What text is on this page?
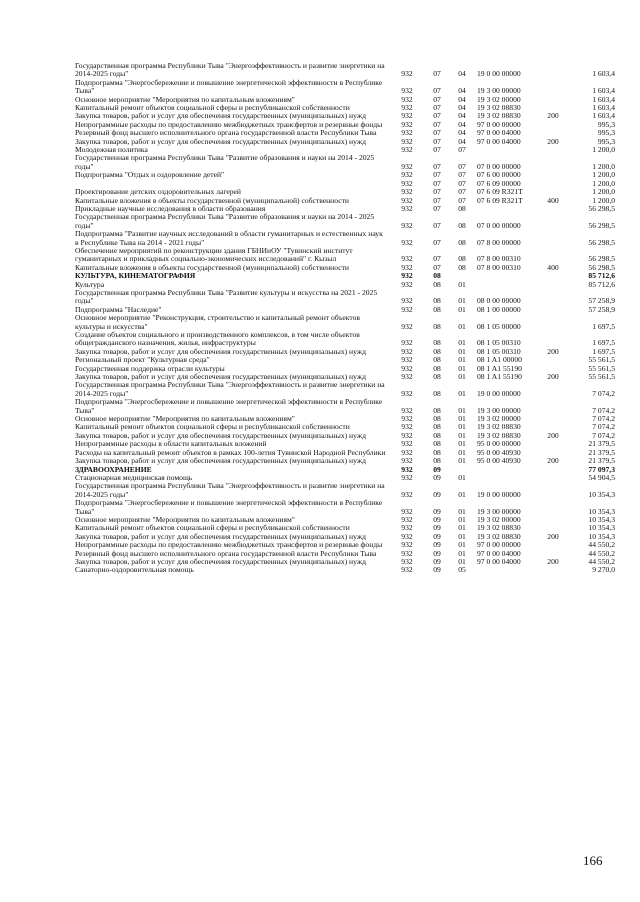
Государственная программа Республики Тыва "Энергоэффективность и развитие энергетики на 2014-2025 годы"	932	07	04	19 0 00 00000		1 603,4
Подпрограмма "Энергосбережение и повышение энергетической эффективности в Республике Тыва"	932	07	04	19 3 00 00000		1 603,4
Основное мероприятие "Мероприятия по капитальным вложениям"	932	07	04	19 3 02 00000		1 603,4
Капитальный ремонт объектов социальной сферы и республиканской собственности	932	07	04	19 3 02 08830		1 603,4
Закупка товаров, работ и услуг для обеспечения государственных (муниципальных) нужд	932	07	04	19 3 02 08830	200	1 603,4
Непрограммные расходы по предоставлению межбюджетных трансфертов и резервные фонды	932	07	04	97 0 00 00000		995,3
Резервный фонд высшего исполнительного органа государственной власти Республики Тыва	932	07	04	97 0 00 04000		995,3
Закупка товаров, работ и услуг для обеспечения государственных (муниципальных) нужд	932	07	04	97 0 00 04000	200	995,3
Молодежная политика	932	07	07			1 200,0
Государственная программа Республики Тыва "Развитие образования и науки на 2014 - 2025 годы"	932	07	07	07 0 00 00000		1 200,0
Подпрограмма "Отдых и оздоровление детей"	932	07	07	07 6 00 00000		1 200,0
	932	07	07	07 6 09 00000		1 200,0
Проектирование детских оздоровительных лагерей	932	07	07	07 6 09 R321T		1 200,0
Капитальные вложения в объекты государственной (муниципальной) собственности	932	07	07	07 6 09 R321T	400	1 200,0
Прикладные научные исследования в области образования	932	07	08			56 298,5
Государственная программа Республики Тыва "Развитие образования и науки на 2014 - 2025 годы"	932	07	08	07 0 00 00000		56 298,5
Подпрограмма "Развитие научных исследований в области гуманитарных и естественных наук в Республике Тыва на 2014 - 2021 годы"	932	07	08	07 8 00 00000		56 298,5
Обеспечение мероприятий по реконструкции здания ГБНИиОУ "Тувинский институт гуманитарных и прикладных социально-экономических исследований" г. Кызыл	932	07	08	07 8 00 00310		56 298,5
Капитальные вложения в объекты государственной (муниципальной) собственности	932	07	08	07 8 00 00310	400	56 298,5
КУЛЬТУРА, КИНЕМАТОГРАФИЯ	932	08				85 712,6
Культура	932	08	01			85 712,6
Государственная программа Республики Тыва "Развитие культуры и искусства на 2021 - 2025 годы"	932	08	01	08 0 00 00000		57 258,9
Подпрограмма "Наследие"	932	08	01	08 1 00 00000		57 258,9
Основное мероприятие "Реконструкция, строительство и капитальный ремонт объектов культуры и искусства"	932	08	01	08 1 05 00000		1 697,5
Создание объектов социального и производственного комплексов, в том числе объектов общегражданского назначения, жилья, инфраструктуры	932	08	01	08 1 05 00310		1 697,5
Закупка товаров, работ и услуг для обеспечения государственных (муниципальных) нужд	932	08	01	08 1 05 00310	200	1 697,5
Региональный проект "Культурная среда"	932	08	01	08 1 A1 00000		55 561,5
Государственная поддержка отрасли культуры	932	08	01	08 1 A1 55190		55 561,5
Закупка товаров, работ и услуг для обеспечения государственных (муниципальных) нужд	932	08	01	08 1 A1 55190	200	55 561,5
Государственная программа Республики Тыва "Энергоэффективность и развитие энергетики на 2014-2025 годы"	932	08	01	19 0 00 00000		7 074,2
Подпрограмма "Энергосбережение и повышение энергетической эффективности в Республике Тыва"	932	08	01	19 3 00 00000		7 074,2
Основное мероприятие "Мероприятия по капитальным вложениям"	932	08	01	19 3 02 00000		7 074,2
Капитальный ремонт объектов социальной сферы и республиканской собственности	932	08	01	19 3 02 08830		7 074,2
Закупка товаров, работ и услуг для обеспечения государственных (муниципальных) нужд	932	08	01	19 3 02 08830	200	7 074,2
Непрограммные расходы в области капитальных вложений	932	08	01	95 0 00 00000		21 379,5
Расходы на капитальный ремонт объектов в рамках 100-летия Тувинской Народной Республики	932	08	01	95 0 00 40930		21 379,5
Закупка товаров, работ и услуг для обеспечения государственных (муниципальных) нужд	932	08	01	95 0 00 40930	200	21 379,5
ЗДРАВООХРАНЕНИЕ	932	09				77 097,3
Стационарная медицинская помощь	932	09	01			54 904,5
Государственная программа Республики Тыва "Энергоэффективность и развитие энергетики на 2014-2025 годы"	932	09	01	19 0 00 00000		10 354,3
Подпрограмма "Энергосбережение и повышение энергетической эффективности в Республике Тыва"	932	09	01	19 3 00 00000		10 354,3
Основное мероприятие "Мероприятия по капитальным вложениям"	932	09	01	19 3 02 00000		10 354,3
Капитальный ремонт объектов социальной сферы и республиканской собственности	932	09	01	19 3 02 08830		10 354,3
Закупка товаров, работ и услуг для обеспечения государственных (муниципальных) нужд	932	09	01	19 3 02 08830	200	10 354,3
Непрограммные расходы по предоставлению межбюджетных трансфертов и резервные фонды	932	09	01	97 0 00 00000		44 550,2
Резервный фонд высшего исполнительного органа государственной власти Республики Тыва	932	09	01	97 0 00 04000		44 550,2
Закупка товаров, работ и услуг для обеспечения государственных (муниципальных) нужд	932	09	01	97 0 00 04000	200	44 550,2
Санаторно-оздоровительная помощь	932	09	05			9 270,0
166
